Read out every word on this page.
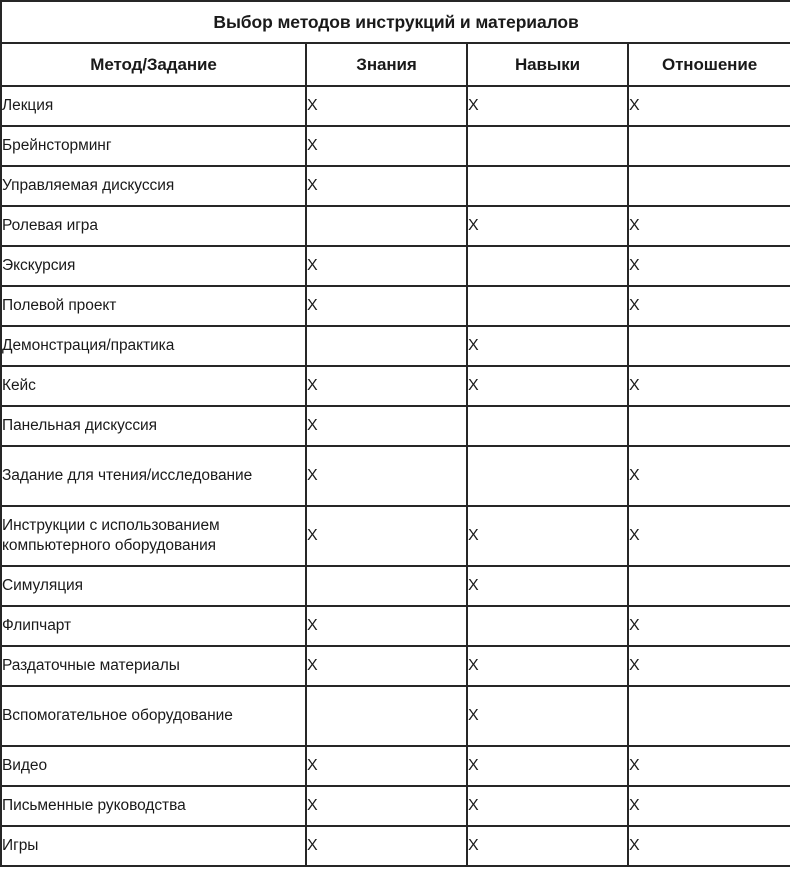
Выбор методов инструкций и материалов			
Метод/Задание	Знания	Навыки	Отношение
Лекция	X	X	X
Брейнсторминг	X		
Управляемая дискуссия	X		
Ролевая игра		X	X
Экскурсия	X		X
Полевой проект	X		X
Демонстрация/практика		X	
Кейс	X	X	X
Панельная дискуссия	X		
Задание для чтения/исследование	X		X
Инструкции с использованием компьютерного оборудования	X	X	X
Симуляция		X	
Флипчарт	X		X
Раздаточные материалы	X	X	X
Вспомогательное оборудование		X	
Видео	X	X	X
Письменные руководства	X	X	X
Игры	X	X	X
